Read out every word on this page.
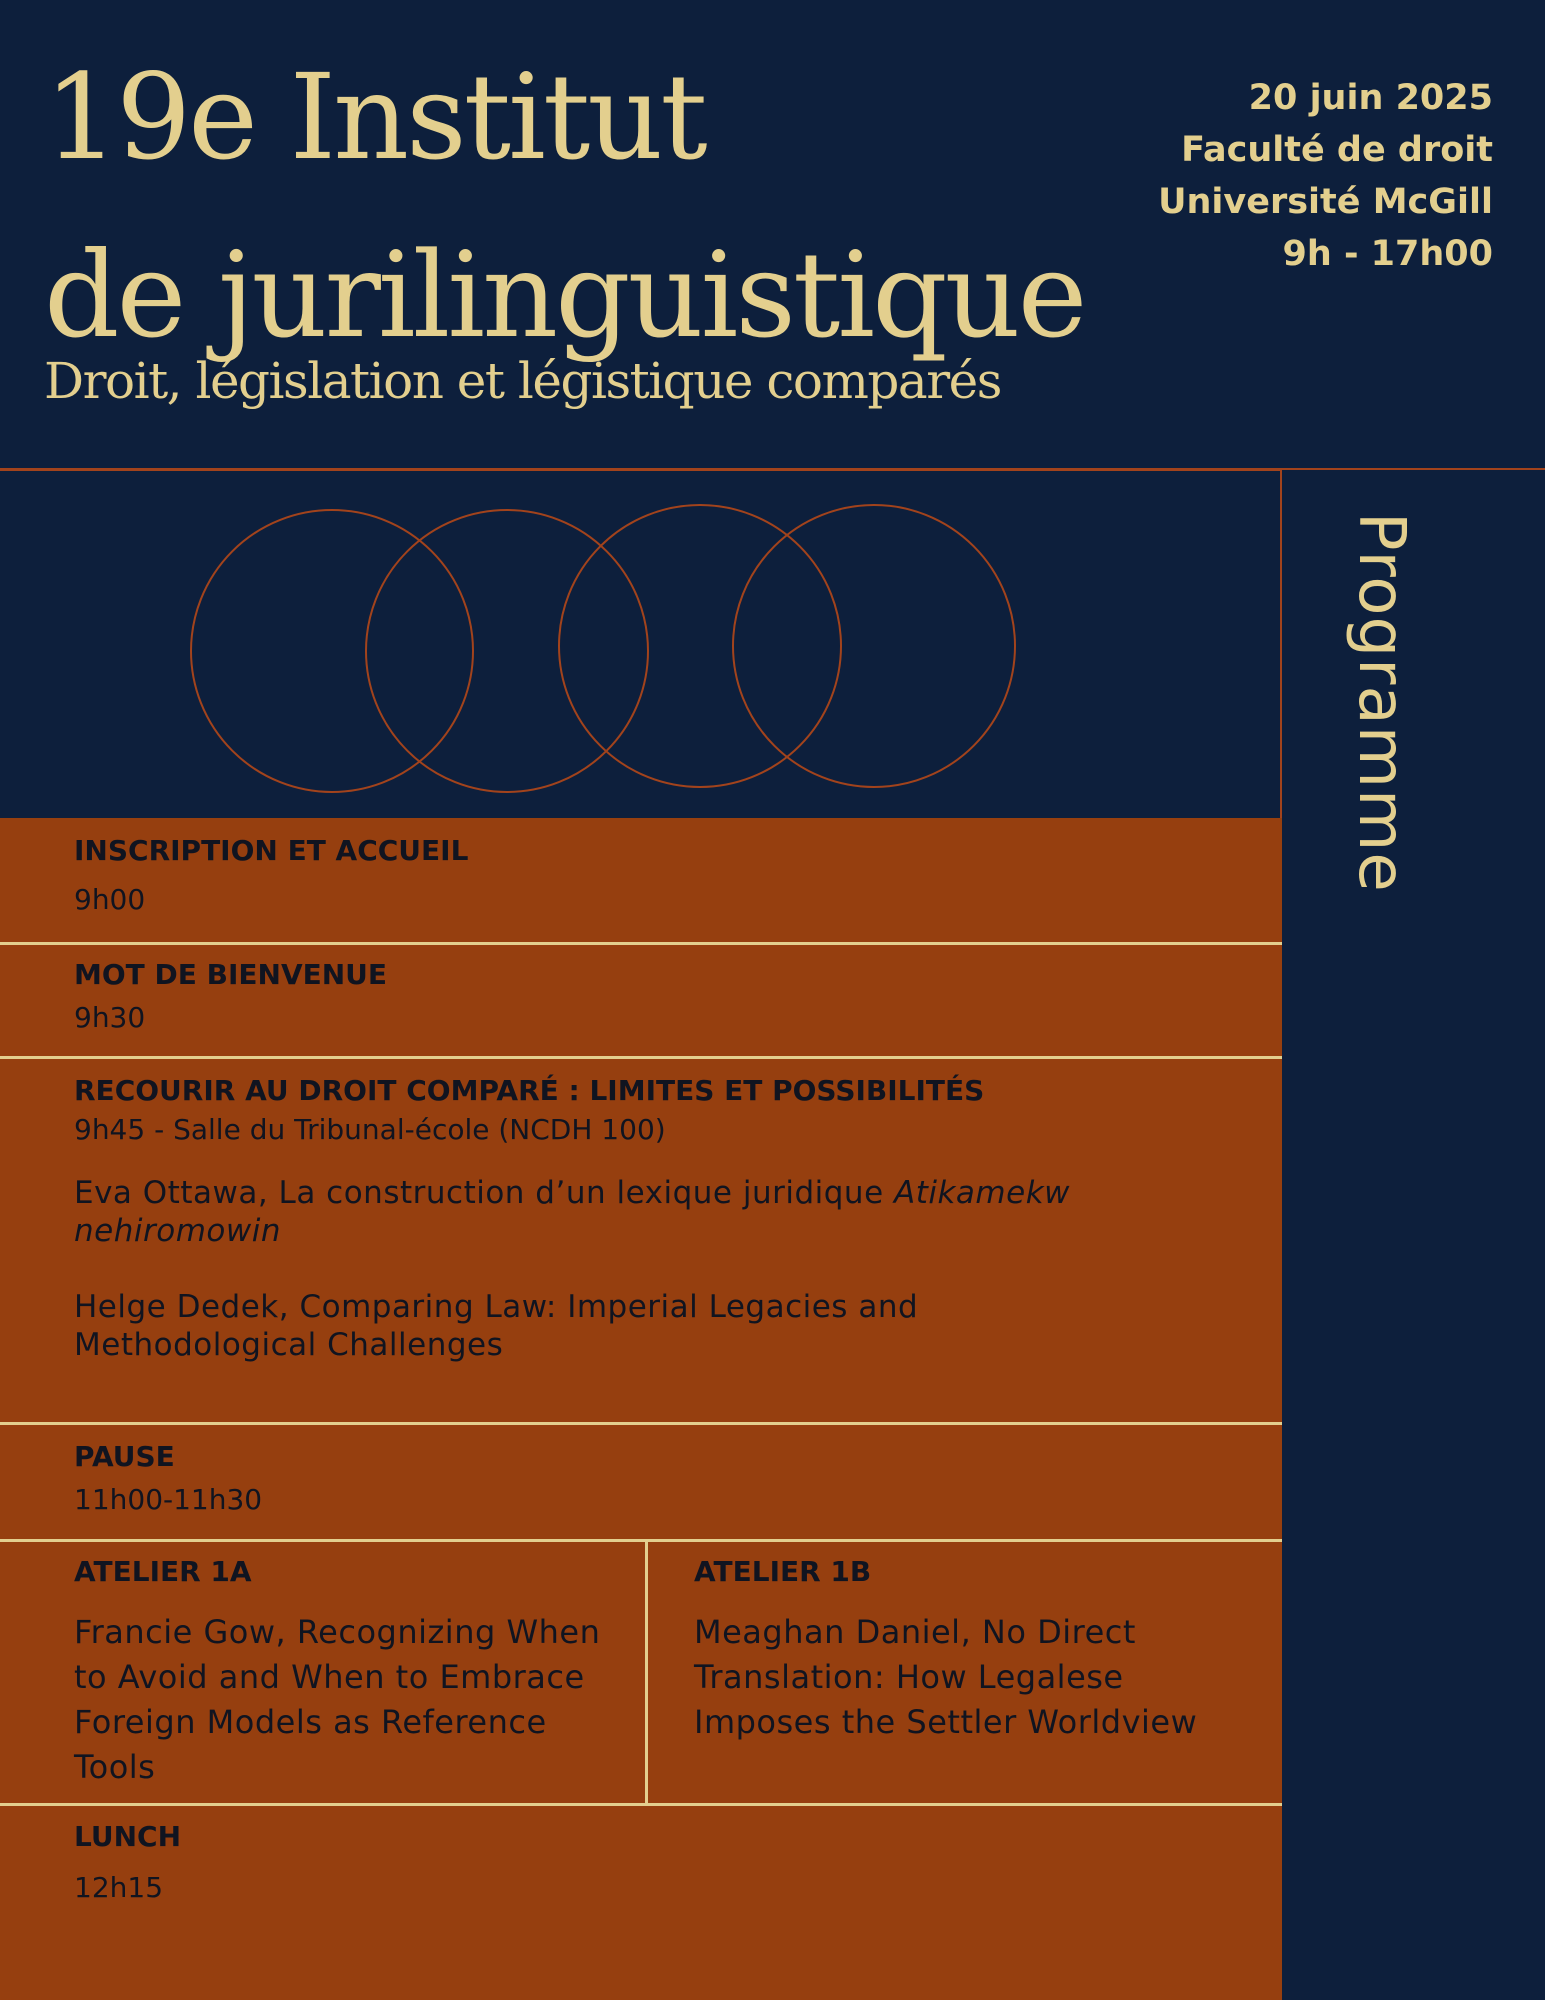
19e Institut
de jurilinguistique
Droit, législation et légistique comparés
20 juin 2025
Faculté de droit
Université McGill
9h - 17h00
Programme

INSCRIPTION ET ACCUEIL

9h00

MOT DE BIENVENUE

9h30

RECOURIR AU DROIT COMPARÉ : LIMITES ET POSSIBILITÉS

9h45 - Salle du Tribunal-école (NCDH 100)

Eva Ottawa, La construction d’un lexique juridique Atikamekw nehiromowin

Helge Dedek, Comparing Law: Imperial Legacies and Methodological Challenges

PAUSE

11h00-11h30

ATELIER 1A

Francie Gow, Recognizing When to Avoid and When to Embrace Foreign Models as Reference Tools

ATELIER 1B

Meaghan Daniel, No Direct Translation: How Legalese Imposes the Settler Worldview

LUNCH

12h15
